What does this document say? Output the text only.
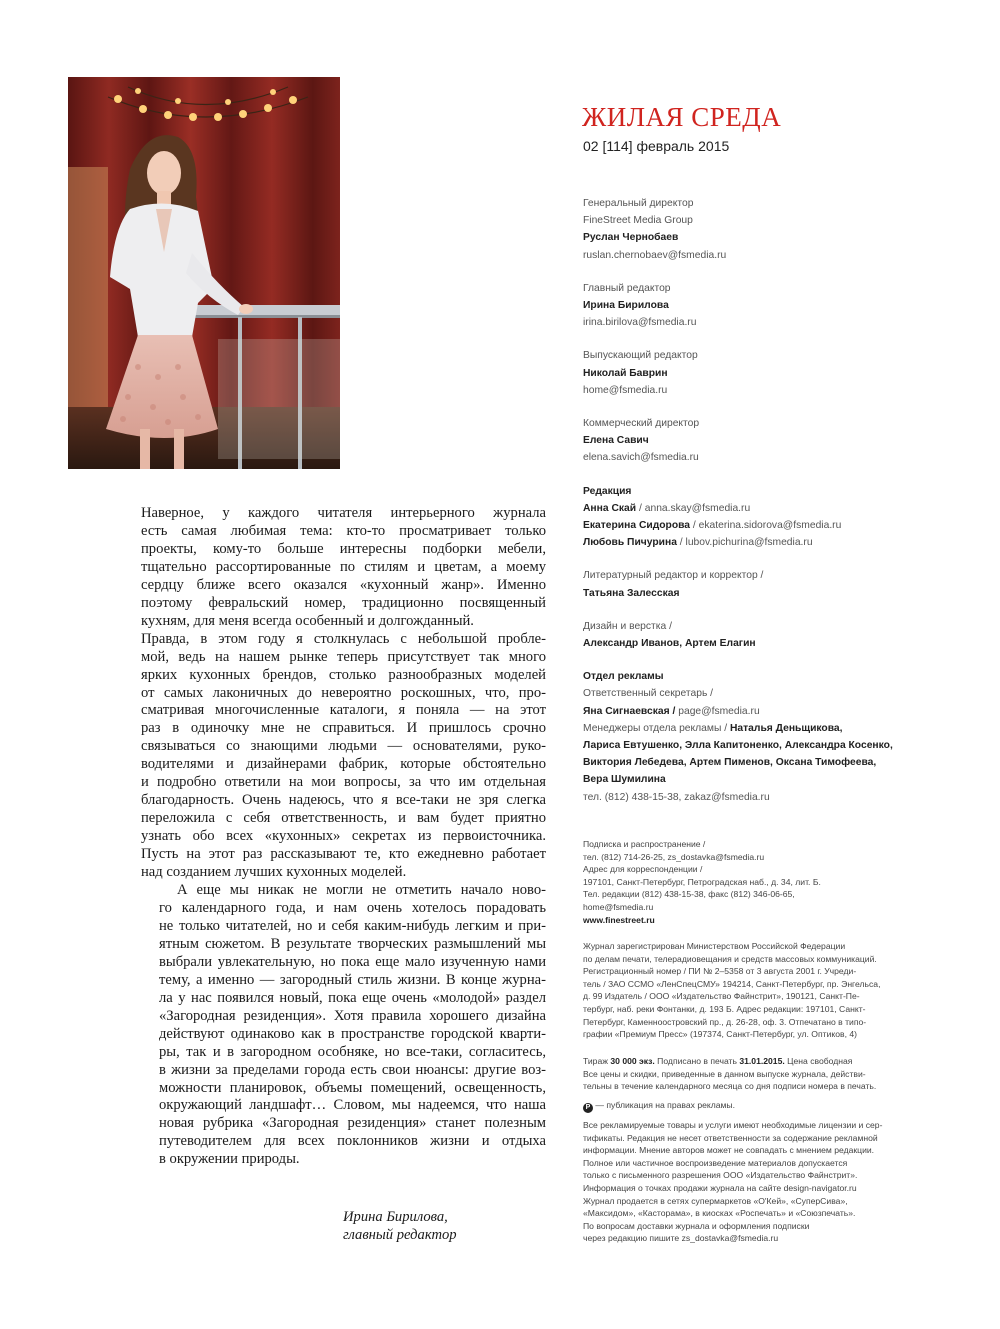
ЖИЛАЯ СРЕДА
02 [114] февраль 2015
Генеральный директор
FineStreet Media Group
Руслан Чернобаев
ruslan.chernobaev@fsmedia.ru
Главный редактор
Ирина Бирилова
irina.birilova@fsmedia.ru
Выпускающий редактор
Николай Баврин
home@fsmedia.ru
Коммерческий директор
Елена Савич
elena.savich@fsmedia.ru
Редакция
Анна Скай / anna.skay@fsmedia.ru
Екатерина Сидорова / ekaterina.sidorova@fsmedia.ru
Любовь Пичурина / lubov.pichurina@fsmedia.ru
Литературный редактор и корректор /
Татьяна Залесская
Дизайн и верстка /
Александр Иванов, Артем Елагин
Отдел рекламы
Ответственный секретарь /
Яна Сигнаевская / page@fsmedia.ru
Менеджеры отдела рекламы / Наталья Деньщикова,
Лариса Евтушенко, Элла Капитоненко, Александра Косенко,
Виктория Лебедева, Артем Пименов, Оксана Тимофеева,
Вера Шумилина
тел. (812) 438-15-38, zakaz@fsmedia.ru
Подписка и распространение /
тел. (812) 714-26-25, zs_dostavka@fsmedia.ru
Адрес для корреспонденции /
197101, Санкт-Петербург, Петроградская наб., д. 34, лит. Б.
Тел. редакции (812) 438-15-38, факс (812) 346-06-65,
home@fsmedia.ru
www.finestreet.ru
Журнал зарегистрирован Министерством Российской Федерации
по делам печати, телерадиовещания и средств массовых коммуникаций.
Регистрационный номер / ПИ № 2–5358 от 3 августа 2001 г. Учреди-
тель / ЗАО ССМО «ЛенСпецСМУ» 194214, Санкт-Петербург, пр. Энгельса,
д. 99 Издатель / ООО «Издательство Файнстрит», 190121, Санкт-Пе-
тербург, наб. реки Фонтанки, д. 193 Б. Адрес редакции: 197101, Санкт-
Петербург, Каменноостровский пр., д. 26-28, оф. 3. Отпечатано в типо-
графии «Премиум Пресс» (197374, Санкт-Петербург, ул. Оптиков, 4)
Тираж 30 000 экз. Подписано в печать 31.01.2015. Цена свободная
Все цены и скидки, приведенные в данном выпуске журнала, действи-
тельны в течение календарного месяца со дня подписи номера в печать.
P — публикация на правах рекламы.
Все рекламируемые товары и услуги имеют необходимые лицензии и сер-
тификаты. Редакция не несет ответственности за содержание рекламной
информации. Мнение авторов может не совпадать с мнением редакции.
Полное или частичное воспроизведение материалов допускается
только с письменного разрешения ООО «Издательство Файнстрит».
Информация о точках продажи журнала на сайте design-navigator.ru
Журнал продается в сетях супермаркетов «О'Кей», «СуперСива»,
«Максидом», «Касторама», в киосках «Роспечать» и «Союзпечать».
По вопросам доставки журнала и оформления подписки
через редакцию пишите zs_dostavka@fsmedia.ru

Наверное, у каждого читателя интерьерного журнала
есть самая любимая тема: кто-то просматривает только
проекты, кому-то больше интересны подборки мебели,
тщательно рассортированные по стилям и цветам, а моему
сердцу ближе всего оказался «кухонный жанр». Именно
поэтому февральский номер, традиционно посвященный
кухням, для меня всегда особенный и долгожданный.
Правда, в этом году я столкнулась с небольшой пробле-
мой, ведь на нашем рынке теперь присутствует так много
ярких кухонных брендов, столько разнообразных моделей
от самых лаконичных до невероятно роскошных, что, про-
сматривая многочисленные каталоги, я поняла — на этот
раз в одиночку мне не справиться. И пришлось срочно
связываться со знающими людьми — основателями, руко-
водителями и дизайнерами фабрик, которые обстоятельно
и подробно ответили на мои вопросы, за что им отдельная
благодарность. Очень надеюсь, что я все-таки не зря слегка
переложила с себя ответственность, и вам будет приятно
узнать обо всех «кухонных» секретах из первоисточника.
Пусть на этот раз рассказывают те, кто ежедневно работает
над созданием лучших кухонных моделей.

А еще мы никак не могли не отметить начало ново-
го календарного года, и нам очень хотелось порадовать
не только читателей, но и себя каким-нибудь легким и при-
ятным сюжетом. В результате творческих размышлений мы
выбрали увлекательную, но пока еще мало изученную нами
тему, а именно — загородный стиль жизни. В конце журна-
ла у нас появился новый, пока еще очень «молодой» раздел
«Загородная резиденция». Хотя правила хорошего дизайна
действуют одинаково как в пространстве городской кварти-
ры, так и в загородном особняке, но все-таки, согласитесь,
в жизни за пределами города есть свои нюансы: другие воз-
можности планировок, объемы помещений, освещенность,
окружающий ландшафт… Словом, мы надеемся, что наша
новая рубрика «Загородная резиденция» станет полезным
путеводителем для всех поклонников жизни и отдыха
в окружении природы.

Ирина Бирилова,
главный редактор
